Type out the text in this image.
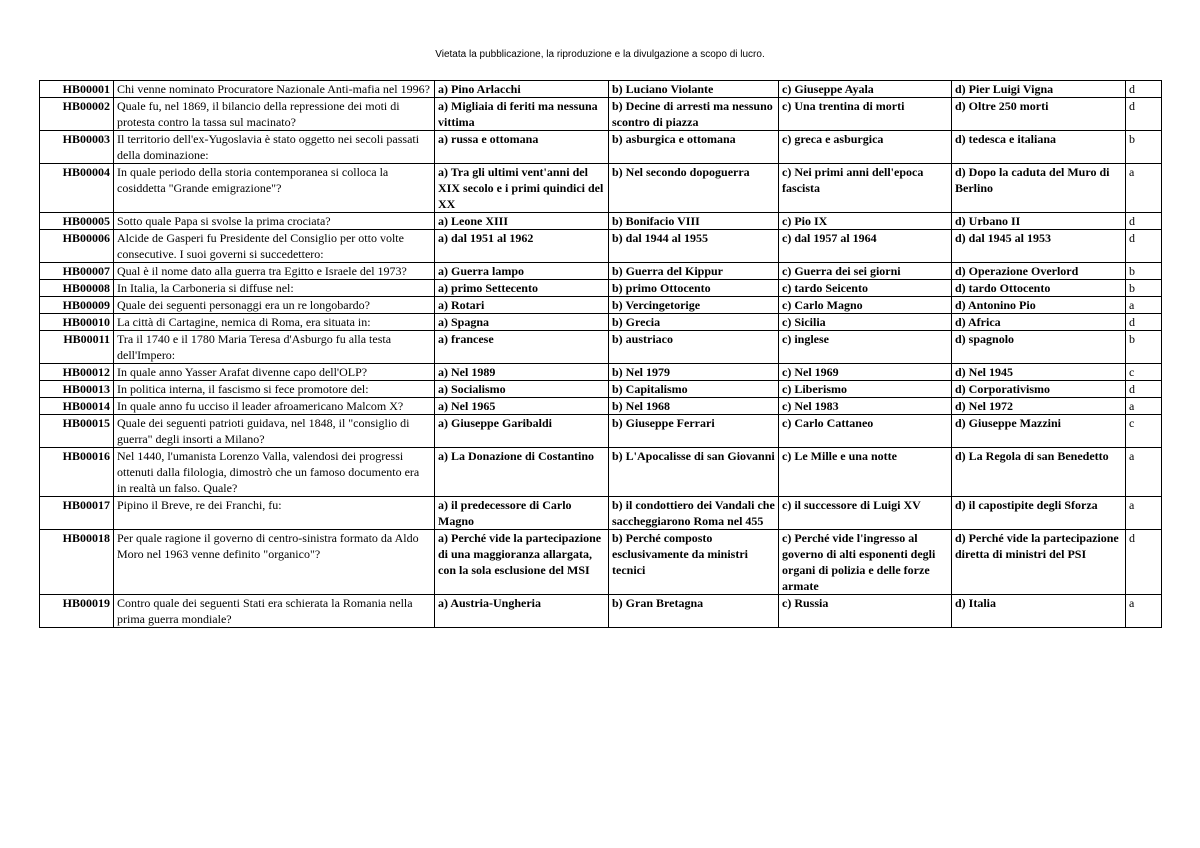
Vietata la pubblicazione, la riproduzione e la divulgazione a scopo di lucro.
HB00001	Chi venne nominato Procuratore Nazionale Anti-mafia nel 1996?	a) Pino Arlacchi	b) Luciano Violante	c) Giuseppe Ayala	d) Pier Luigi Vigna	d
HB00002	Quale fu, nel 1869, il bilancio della repressione dei moti di protesta contro la tassa sul macinato?	a) Migliaia di feriti ma nessuna vittima	b) Decine di arresti ma nessuno scontro di piazza	c) Una trentina di morti	d) Oltre 250 morti	d
HB00003	Il territorio dell'ex-Yugoslavia è stato oggetto nei secoli passati della dominazione:	a) russa e ottomana	b) asburgica e ottomana	c) greca e asburgica	d) tedesca e italiana	b
HB00004	In quale periodo della storia contemporanea si colloca la cosiddetta "Grande emigrazione"?	a) Tra gli ultimi vent'anni del XIX secolo e i primi quindici del XX	b) Nel secondo dopoguerra	c) Nei primi anni dell'epoca fascista	d) Dopo la caduta del Muro di Berlino	a
HB00005	Sotto quale Papa si svolse la prima crociata?	a) Leone XIII	b) Bonifacio VIII	c) Pio IX	d) Urbano II	d
HB00006	Alcide de Gasperi fu Presidente del Consiglio per otto volte consecutive. I suoi governi si succedettero:	a) dal 1951 al 1962	b) dal 1944 al 1955	c) dal 1957 al 1964	d) dal 1945 al 1953	d
HB00007	Qual è il nome dato alla guerra tra Egitto e Israele del 1973?	a) Guerra lampo	b) Guerra del Kippur	c) Guerra dei sei giorni	d) Operazione Overlord	b
HB00008	In Italia, la Carboneria si diffuse nel:	a) primo Settecento	b) primo Ottocento	c) tardo Seicento	d) tardo Ottocento	b
HB00009	Quale dei seguenti personaggi era un re longobardo?	a) Rotari	b) Vercingetorige	c) Carlo Magno	d) Antonino Pio	a
HB00010	La città di Cartagine, nemica di Roma, era situata in:	a) Spagna	b) Grecia	c) Sicilia	d) Africa	d
HB00011	Tra il 1740 e il 1780 Maria Teresa d'Asburgo fu alla testa dell'Impero:	a) francese	b) austriaco	c) inglese	d) spagnolo	b
HB00012	In quale anno Yasser Arafat divenne capo dell'OLP?	a) Nel 1989	b) Nel 1979	c) Nel 1969	d) Nel 1945	c
HB00013	In politica interna, il fascismo si fece promotore del:	a) Socialismo	b) Capitalismo	c) Liberismo	d) Corporativismo	d
HB00014	In quale anno fu ucciso il leader afroamericano Malcom X?	a) Nel 1965	b) Nel 1968	c) Nel 1983	d) Nel 1972	a
HB00015	Quale dei seguenti patrioti guidava, nel 1848, il "consiglio di guerra" degli insorti a Milano?	a) Giuseppe Garibaldi	b) Giuseppe Ferrari	c) Carlo Cattaneo	d) Giuseppe Mazzini	c
HB00016	Nel 1440, l'umanista Lorenzo Valla, valendosi dei progressi ottenuti dalla filologia, dimostrò che un famoso documento era in realtà un falso. Quale?	a) La Donazione di Costantino	b) L'Apocalisse di san Giovanni	c) Le Mille e una notte	d) La Regola di san Benedetto	a
HB00017	Pipino il Breve, re dei Franchi, fu:	a) il predecessore di Carlo Magno	b) il condottiero dei Vandali che saccheggiarono Roma nel 455	c) il successore di Luigi XV	d) il capostipite degli Sforza	a
HB00018	Per quale ragione il governo di centro-sinistra formato da Aldo Moro nel 1963 venne definito "organico"?	a) Perché vide la partecipazione di una maggioranza allargata, con la sola esclusione del MSI	b) Perché composto esclusivamente da ministri tecnici	c) Perché vide l'ingresso al governo di alti esponenti degli organi di polizia e delle forze armate	d) Perché vide la partecipazione diretta di ministri del PSI	d
HB00019	Contro quale dei seguenti Stati era schierata la Romania nella prima guerra mondiale?	a) Austria-Ungheria	b) Gran Bretagna	c) Russia	d) Italia	a
